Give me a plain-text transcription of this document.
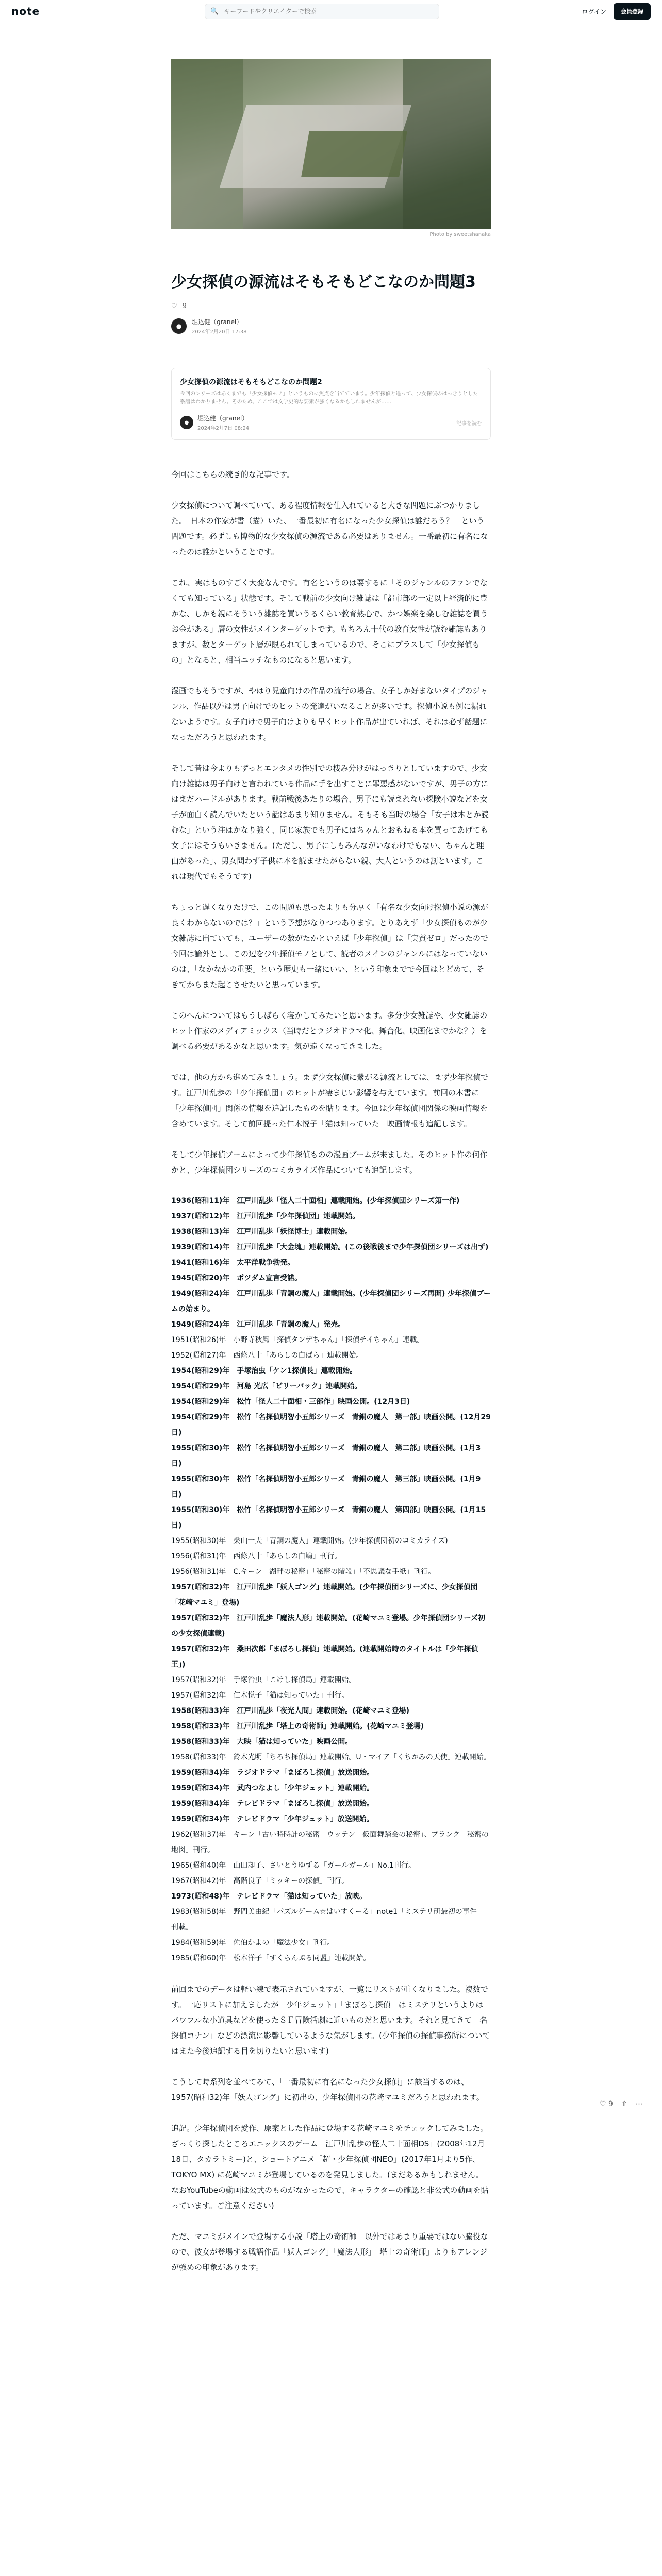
note	🔍
キーワードやクリエイターで検索	ログイン	会員登録
Photo by sweetshanaka
少女探偵の源流はそもそもどこなのか問題3
♡ 9
●
堀込健（granel）
2024年2月20日 17:38
少女探偵の源流はそもそもどこなのか問題2
今回のシリーズはあくまでも「少女探偵モノ」というものに焦点を当てています。少年探偵と違って、少女探偵のはっきりとした系譜はわかりません。そのため、ここでは文学史的な要素が強くなるかもしれませんが……
●
堀込健（granel）
2024年2月7日 08:24
記事を読む

今回はこちらの続き的な記事です。

少女探偵について調べていて、ある程度情報を仕入れていると大きな問題にぶつかりました。「日本の作家が書（描）いた、一番最初に有名になった少女探偵は誰だろう？」という問題です。必ずしも博物的な少女探偵の源流である必要はありません。一番最初に有名になったのは誰かということです。

これ、実はものすごく大変なんです。有名というのは要するに「そのジャンルのファンでなくても知っている」状態です。そして戦前の少女向け雑誌は「都市部の一定以上経済的に豊かな、しかも親にそういう雑誌を買いうるくらい教育熱心で、かつ娯楽を楽しむ雑誌を買うお金がある」層の女性がメインターゲットです。もちろん十代の教育女性が読む雑誌もありますが、数とターゲット層が限られてしまっているので、そこにプラスして「少女探偵もの」となると、相当ニッチなものになると思います。

漫画でもそうですが、やはり児童向けの作品の流行の場合、女子しか好まないタイプのジャンル、作品以外は男子向けでのヒットの発達がいなることが多いです。探偵小説も例に漏れないようです。女子向けで男子向けよりも早くヒット作品が出ていれば、それは必ず話題になっただろうと思われます。

そして昔は今よりもずっとエンタメの性別での棲み分けがはっきりとしていますので、少女向け雑誌は男子向けと言われている作品に手を出すことに罪悪感がないですが、男子の方にはまだハードルがあります。戦前戦後あたりの場合、男子にも読まれない探険小説などを女子が面白く読んでいたという話はあまり知りません。そもそも当時の場合「女子は本とか読むな」という注はかなり強く、同じ家族でも男子にはちゃんとおもねる本を買ってあげても女子にはそうもいきません。(ただし、男子にしもみんながいなわけでもない、ちゃんと理由があった」、男女問わず子供に本を読ませたがらない親、大人というのは割といます。これは現代でもそうです)

ちょっと遅くなりたけで、この問題も思ったよりも分厚く「有名な少女向け探偵小説の源が良くわからないのでは？」という予想がなりつつあります。とりあえず「少女探偵ものが少女雑誌に出ていても、ユーザーの数がたかといえば「少年探偵」は「実質ゼロ」だったので今回は論外とし、この辺を少年探偵モノとして、読者のメインのジャンルにはなっていないのは、「なかなかの重要」という歴史も一緒にいい、という印象までで今回はとどめて、そきてからまた起こさせたいと思っています。

このへんについてはもうしばらく寝かしてみたいと思います。多分少女雑誌や、少女雑誌のヒット作家のメディアミックス（当時だとラジオドラマ化、舞台化、映画化までかな？）を調べる必要があるかなと思います。気が遠くなってきました。

では、他の方から進めてみましょう。まず少女探偵に繋がる源流としては、まず少年探偵です。江戸川乱歩の「少年探偵団」のヒットが凄まじい影響を与えています。前回の本書に「少年探偵団」関係の情報を追記したものを貼ります。今回は少年探偵団関係の映画情報を含めています。そして前回提った仁木悦子「猫は知っていた」映画情報も追記します。

そして少年探偵ブームによって少年探偵ものの漫画ブームが来ました。そのヒット作の何作かと、少年探偵団シリーズのコミカライズ作品についても追記します。

1936(昭和11)年　江戸川乱歩「怪人二十面相」連載開始。(少年探偵団シリーズ第一作)
1937(昭和12)年　江戸川乱歩「少年探偵団」連載開始。
1938(昭和13)年　江戸川乱歩「妖怪博士」連載開始。
1939(昭和14)年　江戸川乱歩「大金塊」連載開始。(この後戦後まで少年探偵団シリーズは出ず)
1941(昭和16)年　太平洋戦争勃発。
1945(昭和20)年　ポツダム宣言受諾。
1949(昭和24)年　江戸川乱歩「青銅の魔人」連載開始。(少年探偵団シリーズ再開) 少年探偵ブームの始まり。
1949(昭和24)年　江戸川乱歩「青銅の魔人」発売。
1951(昭和26)年　小野寺秋風「探偵タンデちゃん」「探偵チイちゃん」連載。
1952(昭和27)年　西條八十「あらしの白ばら」連載開始。
1954(昭和29)年　手塚治虫「ケン1探偵長」連載開始。
1954(昭和29)年　河島 光広「ビリーパック」連載開始。
1954(昭和29)年　松竹「怪人二十面相・三部作」映画公開。(12月3日)
1954(昭和29)年　松竹「名探偵明智小五郎シリーズ　青銅の魔人　第一部」映画公開。(12月29日)
1955(昭和30)年　松竹「名探偵明智小五郎シリーズ　青銅の魔人　第二部」映画公開。(1月3日)
1955(昭和30)年　松竹「名探偵明智小五郎シリーズ　青銅の魔人　第三部」映画公開。(1月9日)
1955(昭和30)年　松竹「名探偵明智小五郎シリーズ　青銅の魔人　第四部」映画公開。(1月15日)
1955(昭和30)年　桑山一夫「青銅の魔人」連載開始。(少年探偵団初のコミカライズ)
1956(昭和31)年　西條八十「あらしの白鳩」刊行。
1956(昭和31)年　C.キーン「湖畔の秘密」「秘密の階段」「不思議な手紙」刊行。
1957(昭和32)年　江戸川乱歩「妖人ゴング」連載開始。(少年探偵団シリーズに、少女探偵団「花崎マユミ」登場)
1957(昭和32)年　江戸川乱歩「魔法人形」連載開始。(花崎マユミ登場。少年探偵団シリーズ初の少女探偵連載)
1957(昭和32)年　桑田次郎「まぼろし探偵」連載開始。(連載開始時のタイトルは「少年探偵王」)
1957(昭和32)年　手塚治虫「こけし探偵局」連載開始。
1957(昭和32)年　仁木悦子「猫は知っていた」刊行。
1958(昭和33)年　江戸川乱歩「夜光人間」連載開始。(花崎マユミ登場)
1958(昭和33)年　江戸川乱歩「塔上の奇術師」連載開始。(花崎マユミ登場)
1958(昭和33)年　大映「猫は知っていた」映画公開。
1958(昭和33)年　鈴木光明「ちろち探偵局」連載開始。U・マイア「くちかみの天使」連載開始。
1959(昭和34)年　ラジオドラマ「まぼろし探偵」放送開始。
1959(昭和34)年　武内つなよし「少年ジェット」連載開始。
1959(昭和34)年　テレビドラマ「まぼろし探偵」放送開始。
1959(昭和34)年　テレビドラマ「少年ジェット」放送開始。
1962(昭和37)年　キーン「古い時時計の秘密」ウッテン「仮面舞踏会の秘密」、ブランク「秘密の地図」刊行。
1965(昭和40)年　山田却子、さいとうゆずる「ガールガール」No.1刊行。
1967(昭和42)年　高階良子「ミッキーの探偵」刊行。
1973(昭和48)年　テレビドラマ「猫は知っていた」放映。
1983(昭和58)年　野間美由紀「パズルゲーム☆はいすくーる」note1「ミステリ研最初の事件」刊載。
1984(昭和59)年　佐伯かよの「魔法少女」刊行。
1985(昭和60)年　松本洋子「すくらんぶる同盟」連載開始。

前回までのデータは軽い線で表示されていますが、一覧にリストが重くなりました。複数です。一応リストに加えましたが「少年ジェット」「まぼろし探偵」はミステリというよりはパワフルな小道具などを使ったＳＦ冒険活劇に近いものだと思います。それと見てきて「名探偵コナン」などの漂流に影響しているような気がします。(少年探偵の探偵事務所についてはまた今後追記する目を切りたいと思います)

こうして時系列を並べてみて、「一番最初に有名になった少女探偵」に該当するのは、1957(昭和32)年「妖人ゴング」に初出の、少年探偵団の花崎マユミだろうと思われます。

追記。少年探偵団を愛作、原案とした作品に登場する花崎マユミをチェックしてみました。ざっくり探したところエニックスのゲーム「江戸川乱歩の怪人二十面相DS」(2008年12月18日、タカラトミー)と、ショートアニメ「超・少年探偵団NEO」(2017年1月より5作、TOKYO MX) に花崎マユミが登場しているのを発見しました。(まだあるかもしれません。なおYouTubeの動画は公式のものがなかったので、キャラクターの確認と非公式の動画を貼っています。ご注意ください)

ただ、マユミがメインで登場する小説「塔上の奇術師」以外ではあまり重要ではない脇役なので、彼女が登場する戦語作品「妖人ゴング」「魔法人形」「塔上の奇術師」よりもアレンジが強めの印象があります。

♡ 9 ⇧ ⋯
